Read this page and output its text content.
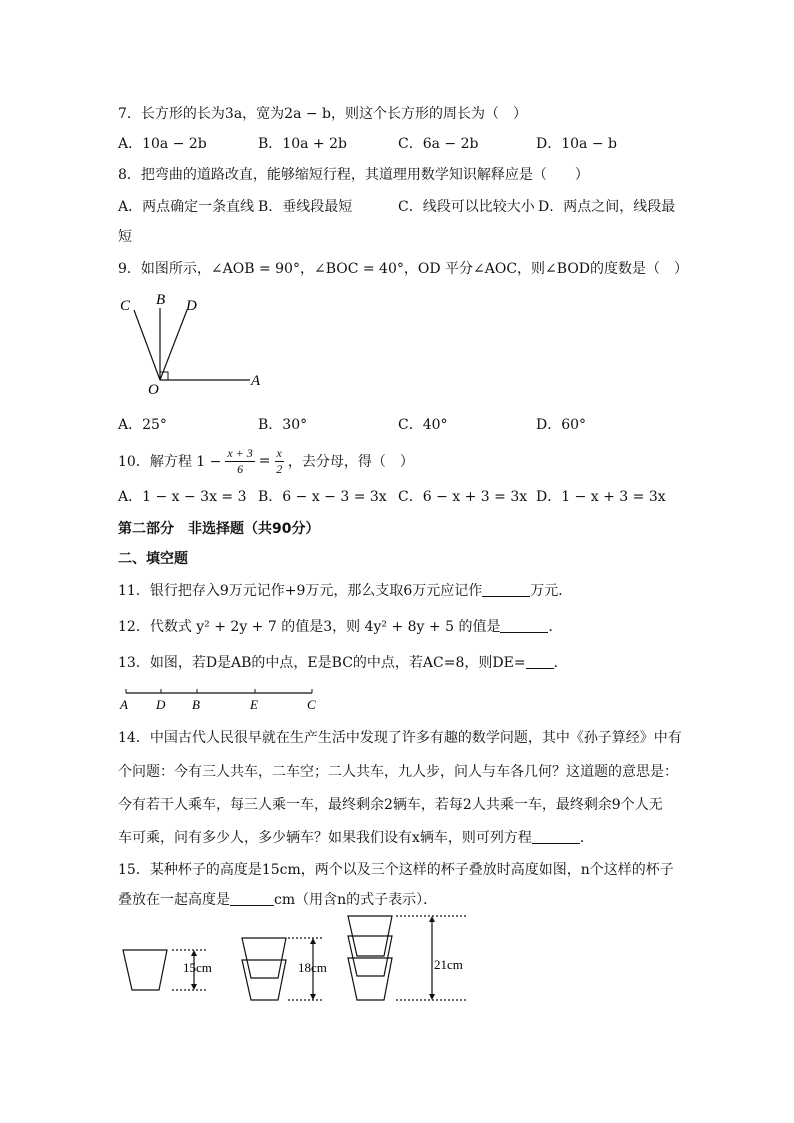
7．长方形的长为3a，宽为2a − b，则这个长方形的周长为（　）
A．10a − 2b	B．10a + 2b	C．6a − 2b	D．10a − b
8．把弯曲的道路改直，能够缩短行程，其道理用数学知识解释应是（　　）
A．两点确定一条直线 B．垂线段最短	C．线段可以比较大小 D．两点之间，线段最
短
9．如图所示，∠AOB = 90°，∠BOC = 40°，OD 平分∠AOC，则∠BOD的度数是（　）
C B D
O
A
A．25°	B．30°	C．40°	D．60°
10．解方程 $1 - \frac{x + 3}{6} = \frac{x}{2}$ ，去分母，得（　）
A．1 − x − 3x = 3 B．6 − x − 3 = 3x C．6 − x + 3 = 3x D．1 − x + 3 = 3x
第二部分　非选择题（共90分）
二、填空题
11．银行把存入9万元记作+9万元，那么支取6万元应记作	万元．
12．代数式 y² + 2y + 7 的值是3，则 4y² + 8y + 5 的值是	．
13．如图，若D是AB的中点，E是BC的中点，若AC=8，则DE= ．
A D B	E	C
14．中国古代人民很早就在生产生活中发现了许多有趣的数学问题，其中《孙子算经》中有
个问题：今有三人共车，二车空；二人共车，九人步，问人与车各几何？这道题的意思是：
今有若干人乘车，每三人乘一车，最终剩余2辆车，若每2人共乘一车，最终剩余9个人无
车可乘，问有多少人，多少辆车？如果我们设有x辆车，则可列方程	．
15．某种杯子的高度是15cm，两个以及三个这样的杯子叠放时高度如图，n个这样的杯子
叠放在一起高度是	cm（用含n的式子表示）．
15cm	18cm	21cm
